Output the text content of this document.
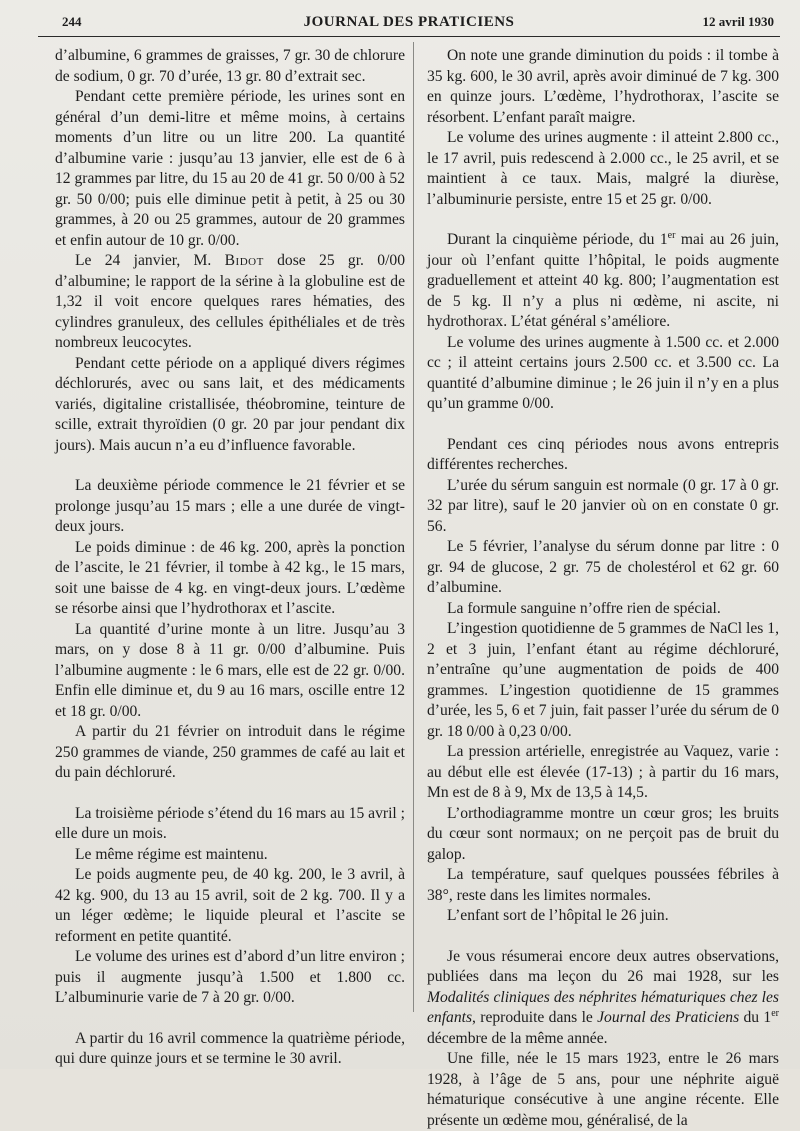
244	JOURNAL DES PRATICIENS	12 avril 1930

d’albumine, 6 grammes de graisses, 7 gr. 30 de chlorure de sodium, 0 gr. 70 d’urée, 13 gr. 80 d’extrait sec.

Pendant cette première période, les urines sont en général d’un demi-litre et même moins, à certains moments d’un litre ou un litre 200. La quantité d’albumine varie : jusqu’au 13 janvier, elle est de 6 à 12 grammes par litre, du 15 au 20 de 41 gr. 50 0/00 à 52 gr. 50 0/00; puis elle diminue petit à petit, à 25 ou 30 grammes, à 20 ou 25 grammes, autour de 20 grammes et enfin autour de 10 gr. 0/00.

Le 24 janvier, M. Bidot dose 25 gr. 0/00 d’albumine; le rapport de la sérine à la globuline est de 1,32 il voit encore quelques rares hématies, des cylindres granuleux, des cellules épithéliales et de très nombreux leucocytes.

Pendant cette période on a appliqué divers régimes déchlorurés, avec ou sans lait, et des médicaments variés, digitaline cristallisée, théobromine, teinture de scille, extrait thyroïdien (0 gr. 20 par jour pendant dix jours). Mais aucun n’a eu d’influence favorable.

La deuxième période commence le 21 février et se prolonge jusqu’au 15 mars ; elle a une durée de vingt-deux jours.

Le poids diminue : de 46 kg. 200, après la ponction de l’ascite, le 21 février, il tombe à 42 kg., le 15 mars, soit une baisse de 4 kg. en vingt-deux jours. L’œdème se résorbe ainsi que l’hydrothorax et l’ascite.

La quantité d’urine monte à un litre. Jusqu’au 3 mars, on y dose 8 à 11 gr. 0/00 d’albumine. Puis l’albumine augmente : le 6 mars, elle est de 22 gr. 0/00. Enfin elle diminue et, du 9 au 16 mars, oscille entre 12 et 18 gr. 0/00.

A partir du 21 février on introduit dans le régime 250 grammes de viande, 250 grammes de café au lait et du pain déchloruré.

La troisième période s’étend du 16 mars au 15 avril ; elle dure un mois.

Le même régime est maintenu.

Le poids augmente peu, de 40 kg. 200, le 3 avril, à 42 kg. 900, du 13 au 15 avril, soit de 2 kg. 700. Il y a un léger œdème; le liquide pleural et l’ascite se reforment en petite quantité.

Le volume des urines est d’abord d’un litre environ ; puis il augmente jusqu’à 1.500 et 1.800 cc. L’albuminurie varie de 7 à 20 gr. 0/00.

A partir du 16 avril commence la quatrième période, qui dure quinze jours et se termine le 30 avril.

On note une grande diminution du poids : il tombe à 35 kg. 600, le 30 avril, après avoir diminué de 7 kg. 300 en quinze jours. L’œdème, l’hydrothorax, l’ascite se résorbent. L’enfant paraît maigre.

Le volume des urines augmente : il atteint 2.800 cc., le 17 avril, puis redescend à 2.000 cc., le 25 avril, et se maintient à ce taux. Mais, malgré la diurèse, l’albuminurie persiste, entre 15 et 25 gr. 0/00.

Durant la cinquième période, du 1er mai au 26 juin, jour où l’enfant quitte l’hôpital, le poids augmente graduellement et atteint 40 kg. 800; l’augmentation est de 5 kg. Il n’y a plus ni œdème, ni ascite, ni hydrothorax. L’état général s’améliore.

Le volume des urines augmente à 1.500 cc. et 2.000 cc ; il atteint certains jours 2.500 cc. et 3.500 cc. La quantité d’albumine diminue ; le 26 juin il n’y en a plus qu’un gramme 0/00.

Pendant ces cinq périodes nous avons entrepris différentes recherches.

L’urée du sérum sanguin est normale (0 gr. 17 à 0 gr. 32 par litre), sauf le 20 janvier où on en constate 0 gr. 56.

Le 5 février, l’analyse du sérum donne par litre : 0 gr. 94 de glucose, 2 gr. 75 de cholestérol et 62 gr. 60 d’albumine.

La formule sanguine n’offre rien de spécial.

L’ingestion quotidienne de 5 grammes de NaCl les 1, 2 et 3 juin, l’enfant étant au régime déchloruré, n’entraîne qu’une augmentation de poids de 400 grammes. L’ingestion quotidienne de 15 grammes d’urée, les 5, 6 et 7 juin, fait passer l’urée du sérum de 0 gr. 18 0/00 à 0,23 0/00.

La pression artérielle, enregistrée au Vaquez, varie : au début elle est élevée (17-13) ; à partir du 16 mars, Mn est de 8 à 9, Mx de 13,5 à 14,5.

L’orthodiagramme montre un cœur gros; les bruits du cœur sont normaux; on ne perçoit pas de bruit du galop.

La température, sauf quelques poussées fébriles à 38°, reste dans les limites normales.

L’enfant sort de l’hôpital le 26 juin.

Je vous résumerai encore deux autres observations, publiées dans ma leçon du 26 mai 1928, sur les Modalités cliniques des néphrites hématuriques chez les enfants, reproduite dans le Journal des Praticiens du 1er décembre de la même année.

Une fille, née le 15 mars 1923, entre le 26 mars 1928, à l’âge de 5 ans, pour une néphrite aiguë hématurique consécutive à une angine récente. Elle présente un œdème mou, généralisé, de la
